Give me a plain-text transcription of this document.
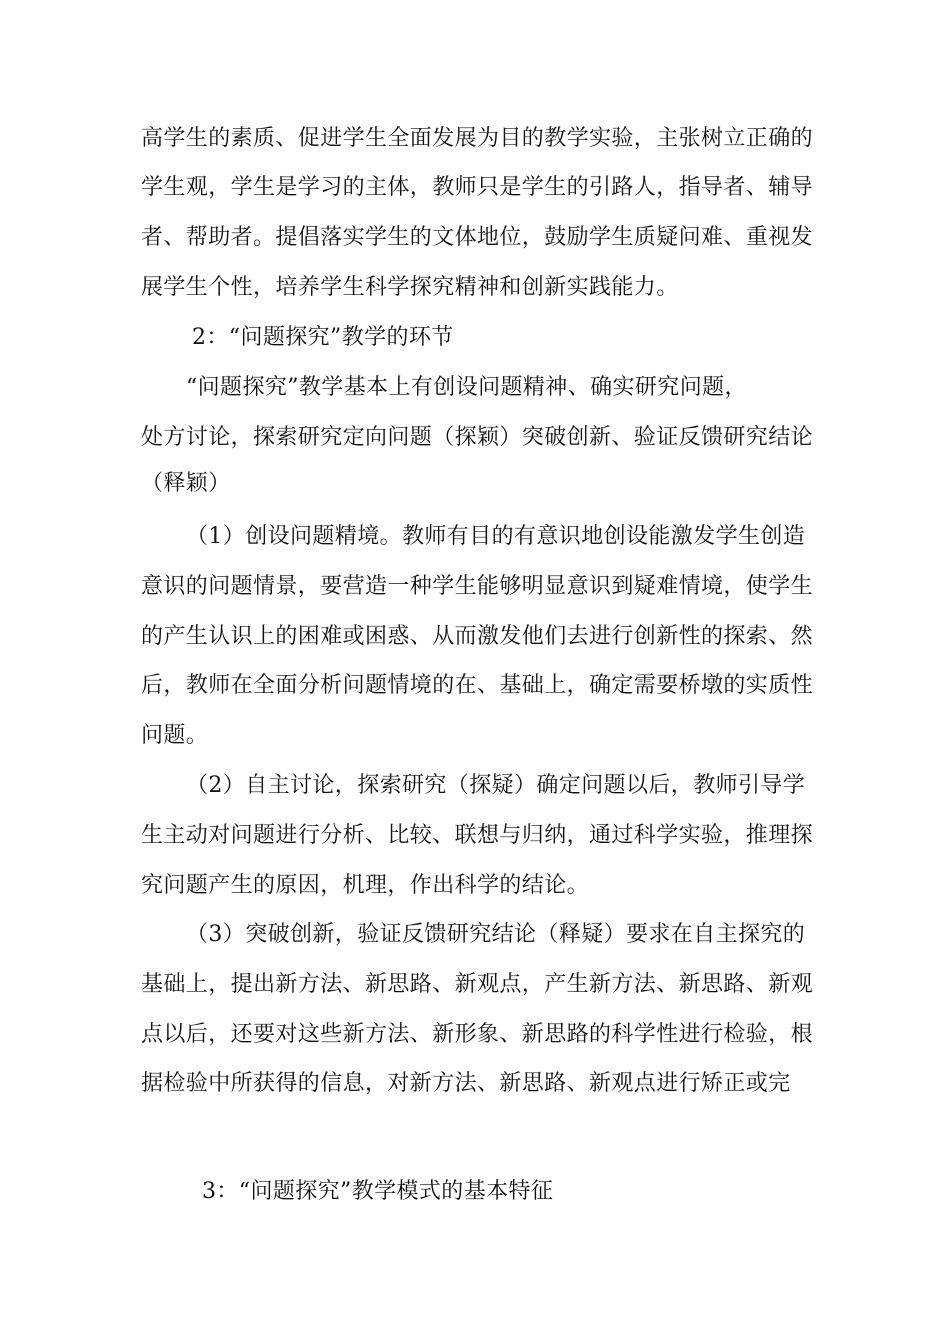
高学生的素质、促进学生全面发展为目的教学实验，主张树立正确的
学生观，学生是学习的主体，教师只是学生的引路人，指导者、辅导
者、帮助者。提倡落实学生的文体地位，鼓励学生质疑问难、重视发
展学生个性，培养学生科学探究精神和创新实践能力。
2：“问题探究”教学的环节
“问题探究”教学基本上有创设问题精神、确实研究问题，
处方讨论，探索研究定向问题（探颖）突破创新、验证反馈研究结论
（释颖）
（1）创设问题精境。教师有目的有意识地创设能激发学生创造
意识的问题情景，要营造一种学生能够明显意识到疑难情境，使学生
的产生认识上的困难或困惑、从而激发他们去进行创新性的探索、然
后，教师在全面分析问题情境的在、基础上，确定需要桥墩的实质性
问题。
（2）自主讨论，探索研究（探疑）确定问题以后，教师引导学
生主动对问题进行分析、比较、联想与归纳，通过科学实验，推理探
究问题产生的原因，机理，作出科学的结论。
（3）突破创新，验证反馈研究结论（释疑）要求在自主探究的
基础上，提出新方法、新思路、新观点，产生新方法、新思路、新观
点以后，还要对这些新方法、新形象、新思路的科学性进行检验，根
据检验中所获得的信息，对新方法、新思路、新观点进行矫正或完
3：“问题探究”教学模式的基本特征
